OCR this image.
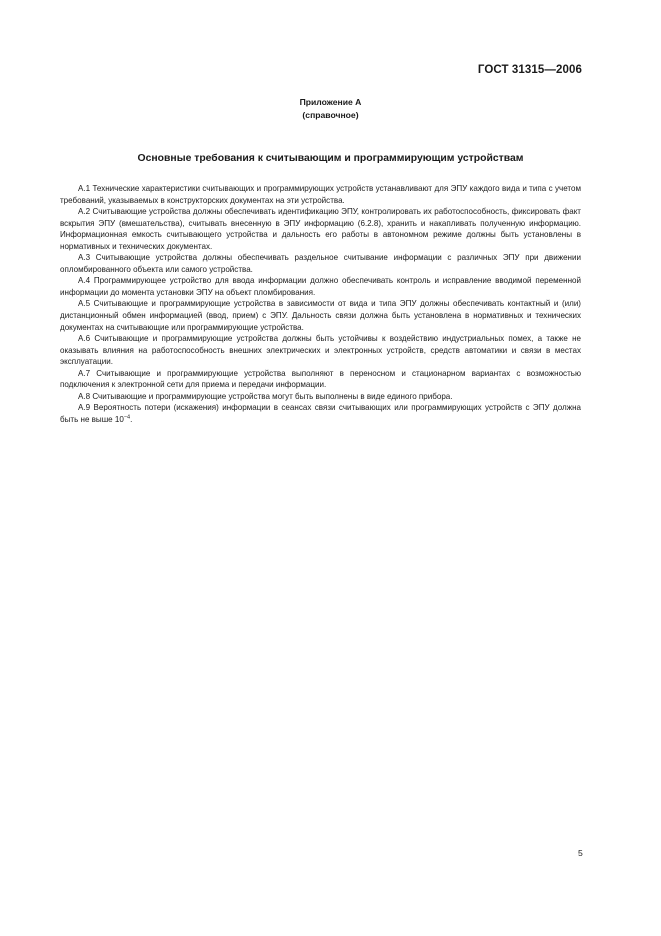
ГОСТ 31315—2006
Приложение А
(справочное)
Основные требования к считывающим и программирующим устройствам

А.1 Технические характеристики считывающих и программирующих устройств устанавливают для ЭПУ каждого вида и типа с учетом требований, указываемых в конструкторских документах на эти устройства.

А.2 Считывающие устройства должны обеспечивать идентификацию ЭПУ, контролировать их работоспособность, фиксировать факт вскрытия ЭПУ (вмешательства), считывать внесенную в ЭПУ информацию (6.2.8), хранить и накапливать полученную информацию. Информационная емкость считывающего устройства и дальность его работы в автономном режиме должны быть установлены в нормативных и технических документах.

А.3 Считывающие устройства должны обеспечивать раздельное считывание информации с различных ЭПУ при движении опломбированного объекта или самого устройства.

А.4 Программирующее устройство для ввода информации должно обеспечивать контроль и исправление вводимой переменной информации до момента установки ЭПУ на объект пломбирования.

А.5 Считывающие и программирующие устройства в зависимости от вида и типа ЭПУ должны обеспечивать контактный и (или) дистанционный обмен информацией (ввод, прием) с ЭПУ. Дальность связи должна быть установлена в нормативных и технических документах на считывающие или программирующие устройства.

А.6 Считывающие и программирующие устройства должны быть устойчивы к воздействию индустриальных помех, а также не оказывать влияния на работоспособность внешних электрических и электронных устройств, средств автоматики и связи в местах эксплуатации.

А.7 Считывающие и программирующие устройства выполняют в переносном и стационарном вариантах с возможностью подключения к электронной сети для приема и передачи информации.

А.8 Считывающие и программирующие устройства могут быть выполнены в виде единого прибора.

А.9 Вероятность потери (искажения) информации в сеансах связи считывающих или программирующих устройств с ЭПУ должна быть не выше $10^{-4}$.

5
